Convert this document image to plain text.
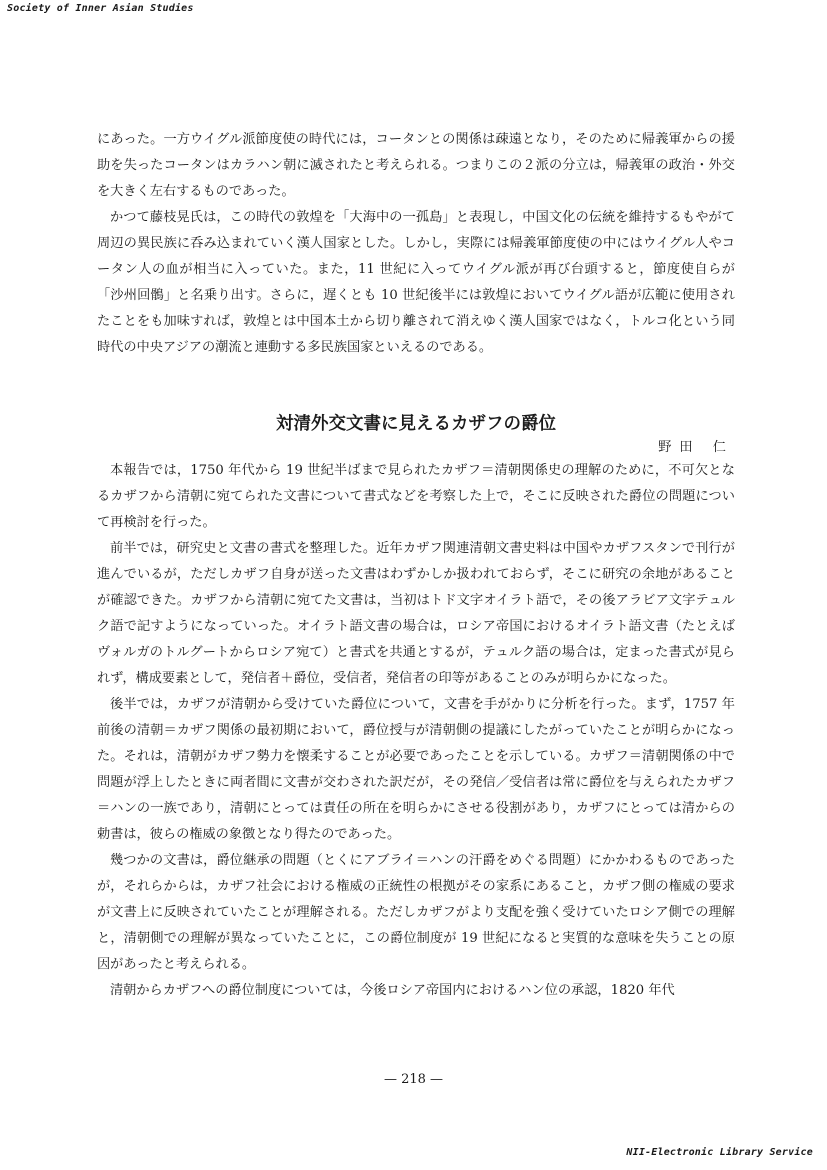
Society of Inner Asian Studies

にあった。一方ウイグル派節度使の時代には，コータンとの関係は疎遠となり，そのために帰義軍からの援助を失ったコータンはカラハン朝に滅されたと考えられる。つまりこの２派の分立は，帰義軍の政治・外交を大きく左右するものであった。

かつて藤枝晃氏は，この時代の敦煌を「大海中の一孤島」と表現し，中国文化の伝統を維持するもやがて周辺の異民族に呑み込まれていく漢人国家とした。しかし，実際には帰義軍節度使の中にはウイグル人やコータン人の血が相当に入っていた。また，11 世紀に入ってウイグル派が再び台頭すると，節度使自らが「沙州回鶻」と名乗り出す。さらに，遅くとも 10 世紀後半には敦煌においてウイグル語が広範に使用されたことをも加味すれば，敦煌とは中国本土から切り離されて消えゆく漢人国家ではなく，トルコ化という同時代の中央アジアの潮流と連動する多民族国家といえるのである。

対清外交文書に見えるカザフの爵位
野田 仁

本報告では，1750 年代から 19 世紀半ばまで見られたカザフ＝清朝関係史の理解のために，不可欠となるカザフから清朝に宛てられた文書について書式などを考察した上で，そこに反映された爵位の問題について再検討を行った。

前半では，研究史と文書の書式を整理した。近年カザフ関連清朝文書史料は中国やカザフスタンで刊行が進んでいるが，ただしカザフ自身が送った文書はわずかしか扱われておらず，そこに研究の余地があることが確認できた。カザフから清朝に宛てた文書は，当初はトド文字オイラト語で，その後アラビア文字テュルク語で記すようになっていった。オイラト語文書の場合は，ロシア帝国におけるオイラト語文書（たとえばヴォルガのトルグートからロシア宛て）と書式を共通とするが，テュルク語の場合は，定まった書式が見られず，構成要素として，発信者＋爵位，受信者，発信者の印等があることのみが明らかになった。

後半では，カザフが清朝から受けていた爵位について，文書を手がかりに分析を行った。まず，1757 年前後の清朝＝カザフ関係の最初期において，爵位授与が清朝側の提議にしたがっていたことが明らかになった。それは，清朝がカザフ勢力を懐柔することが必要であったことを示している。カザフ＝清朝関係の中で問題が浮上したときに両者間に文書が交わされた訳だが，その発信／受信者は常に爵位を与えられたカザフ＝ハンの一族であり，清朝にとっては責任の所在を明らかにさせる役割があり，カザフにとっては清からの勅書は，彼らの権威の象徴となり得たのであった。

幾つかの文書は，爵位継承の問題（とくにアブライ＝ハンの汗爵をめぐる問題）にかかわるものであったが，それらからは，カザフ社会における権威の正統性の根拠がその家系にあること，カザフ側の権威の要求が文書上に反映されていたことが理解される。ただしカザフがより支配を強く受けていたロシア側での理解と，清朝側での理解が異なっていたことに，この爵位制度が 19 世紀になると実質的な意味を失うことの原因があったと考えられる。

清朝からカザフへの爵位制度については，今後ロシア帝国内におけるハン位の承認，1820 年代

— 218 —
NII-Electronic Library Service
